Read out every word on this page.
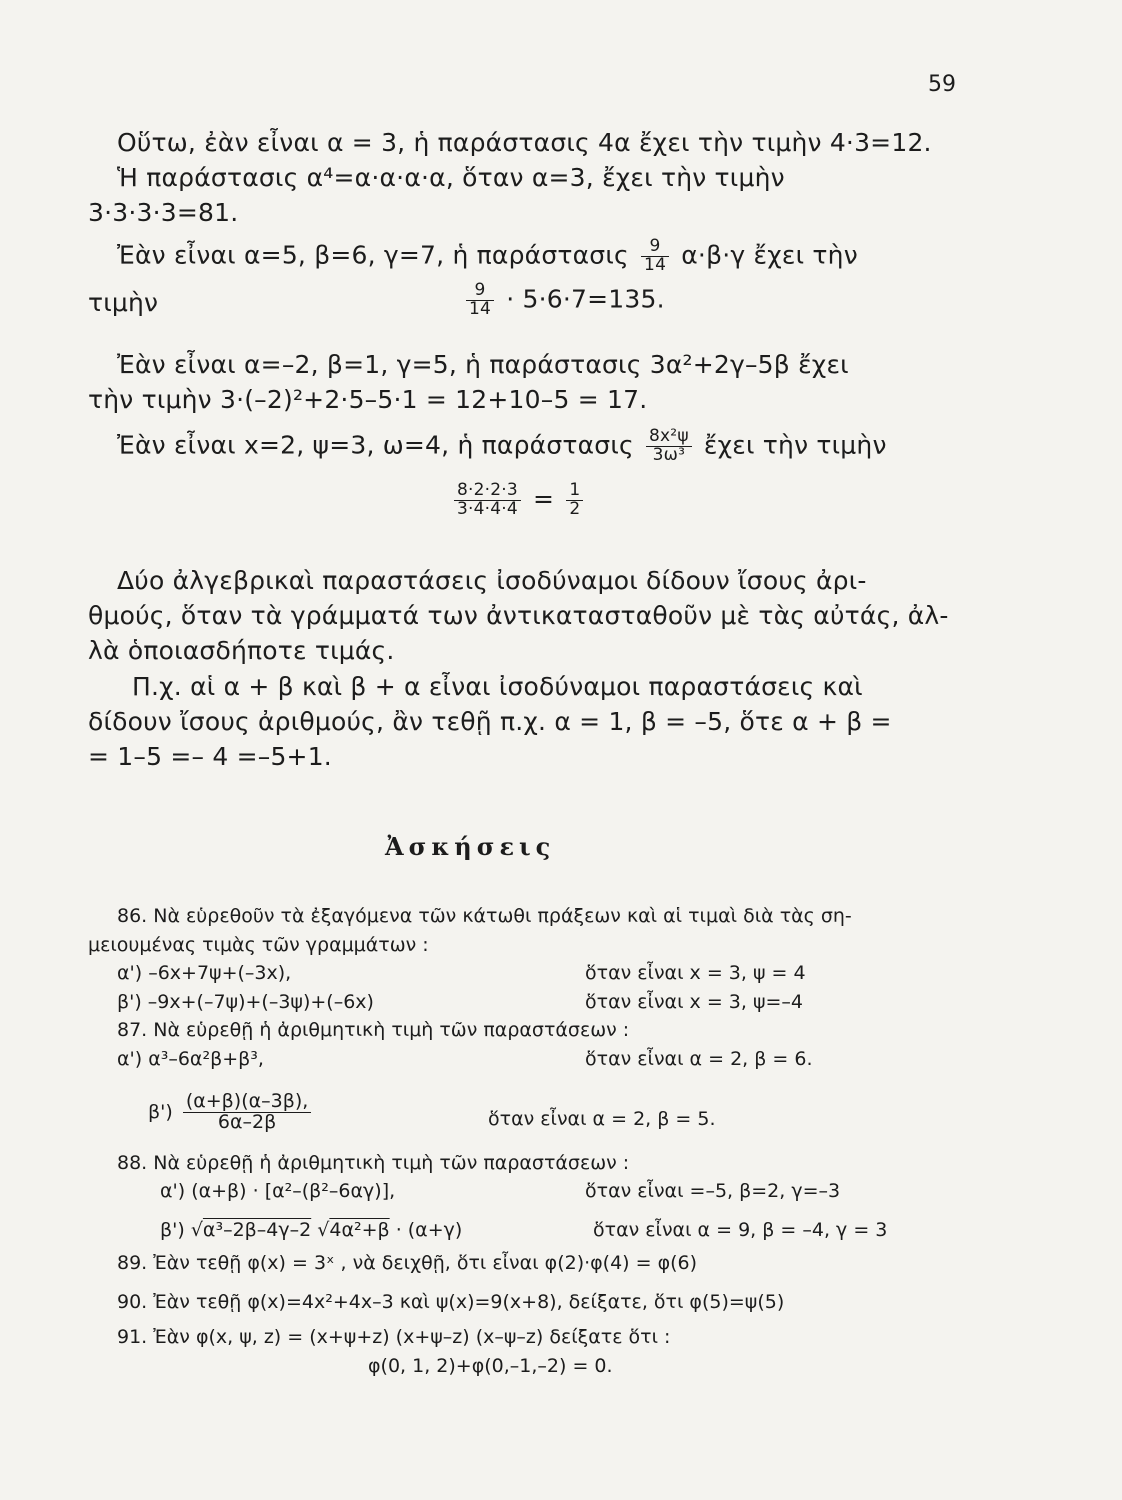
59
Οὕτω, ἐὰν εἶναι α = 3, ἡ παράστασις 4α ἔχει τὴν τιμὴν 4·3=12.
Ἡ παράστασις α⁴=α·α·α·α, ὅταν α=3, ἔχει τὴν τιμὴν
3·3·3·3=81.
Ἐὰν εἶναι α=5, β=6, γ=7, ἡ παράστασις $\frac{9}{14} \alpha\cdot\beta\cdot\gamma$ ἔχει τὴν
τιμὴν	$\frac{9}{14} \cdot 5\cdot 6\cdot 7=135$.
Ἐὰν εἶναι α=–2, β=1, γ=5, ἡ παράστασις 3α²+2γ–5β ἔχει
τὴν τιμὴν 3·(–2)²+2·5–5·1 = 12+10–5 = 17.
Ἐὰν εἶναι x=2, ψ=3, ω=4, ἡ παράστασις $\frac{\text{8x²ψ}}{\text{3ω³}}$ ἔχει τὴν τιμὴν
$\frac{8\cdot 2\cdot 2\cdot 3}{3\cdot 4\cdot 4\cdot 4} = \frac{1}{2}$
Δύο ἀλγεβρικαὶ παραστάσεις ἰσοδύναμοι δίδουν ἴσους ἀρι-
θμούς, ὅταν τὰ γράμματά των ἀντικατασταθοῦν μὲ τὰς αὐτάς, ἀλ-
λὰ ὁποιασδήποτε τιμάς.
Π.χ. αἱ α + β καὶ β + α εἶναι ἰσοδύναμοι παραστάσεις καὶ
δίδουν ἴσους ἀριθμούς, ἂν τεθῇ π.χ. α = 1, β = –5, ὅτε α + β =
= 1–5 =– 4 =–5+1.
Ἀσκήσεις
86. Νὰ εὑρεθοῦν τὰ ἐξαγόμενα τῶν κάτωθι πράξεων καὶ αἱ τιμαὶ διὰ τὰς ση-
μειουμένας τιμὰς τῶν γραμμάτων :
α') –6x+7ψ+(–3x),	ὅταν εἶναι x = 3, ψ = 4
β') –9x+(–7ψ)+(–3ψ)+(–6x)	ὅταν εἶναι x = 3, ψ=–4
87. Νὰ εὑρεθῇ ἡ ἀριθμητικὴ τιμὴ τῶν παραστάσεων :
α') α³–6α²β+β³,	ὅταν εἶναι α = 2, β = 6.
$\beta') \frac{(\alpha+\beta)(\alpha-3\beta),}{6\alpha-2\beta}$	ὅταν εἶναι α = 2, β = 5.
88. Νὰ εὑρεθῇ ἡ ἀριθμητικὴ τιμὴ τῶν παραστάσεων :
α') (α+β) · [α²–(β²–6αγ)],	ὅταν εἶναι =–5, β=2, γ=–3
β') √α³–2β–4γ–2 √4α²+β · (α+γ)	ὅταν εἶναι α = 9, β = –4, γ = 3
89. Ἐὰν τεθῇ φ(x) = 3ˣ , νὰ δειχθῇ, ὅτι εἶναι φ(2)·φ(4) = φ(6)
90. Ἐὰν τεθῇ φ(x)=4x²+4x–3 καὶ ψ(x)=9(x+8), δείξατε, ὅτι φ(5)=ψ(5)
91. Ἐὰν φ(x, ψ, z) = (x+ψ+z) (x+ψ–z) (x–ψ–z) δείξατε ὅτι :
φ(0, 1, 2)+φ(0,–1,–2) = 0.
